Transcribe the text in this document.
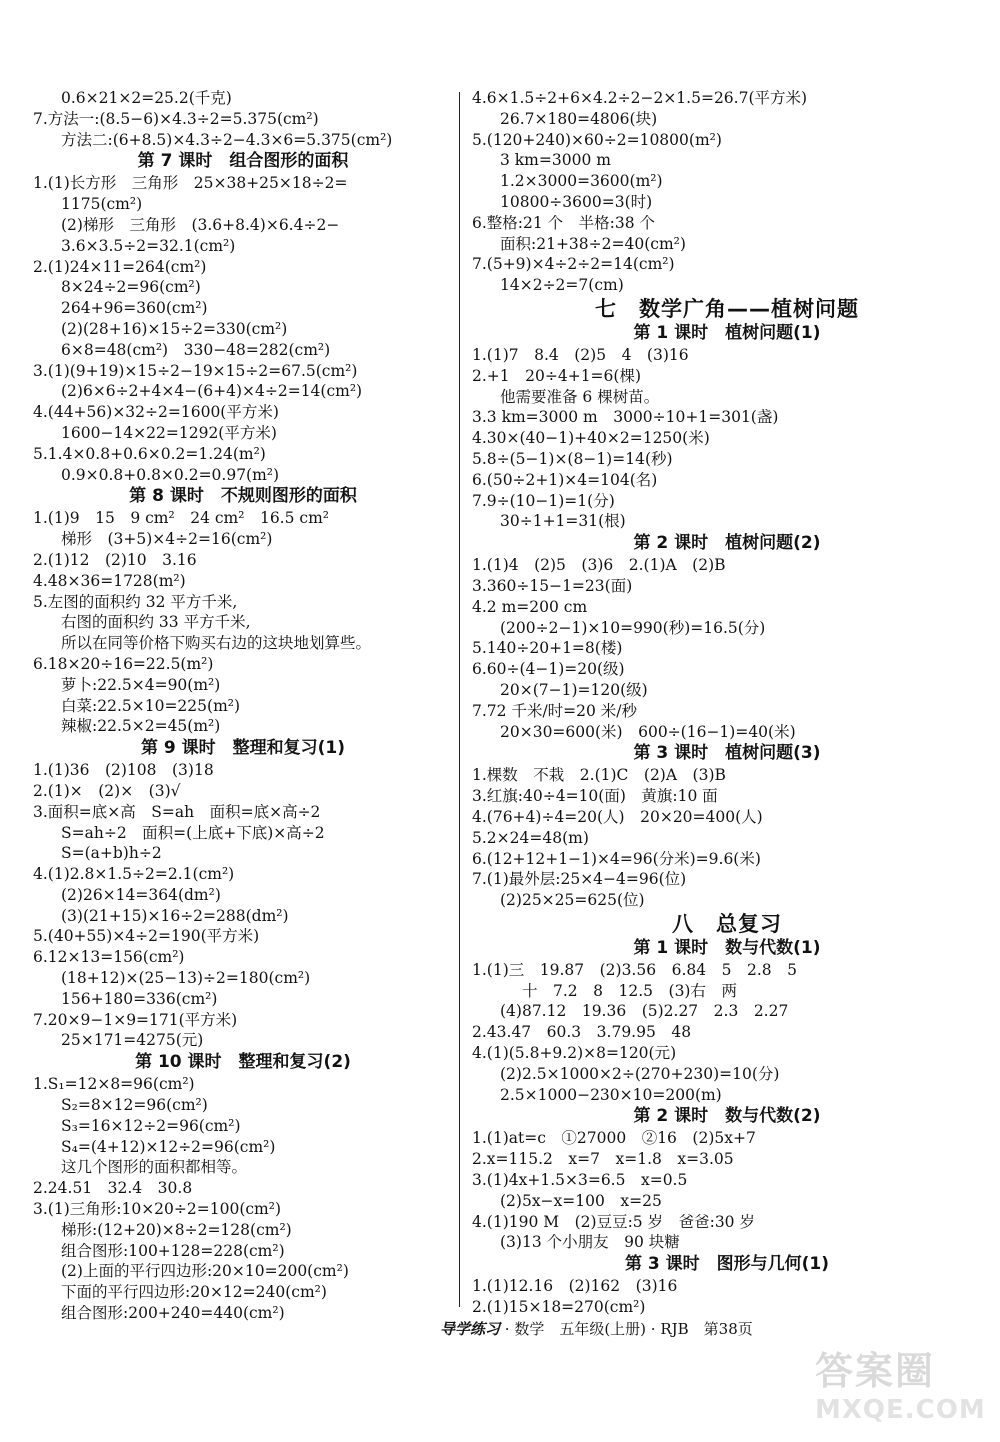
0.6×21×2=25.2(千克)
7.方法一:(8.5−6)×4.3÷2=5.375(cm²)
方法二:(6+8.5)×4.3÷2−4.3×6=5.375(cm²)
第 7 课时　组合图形的面积
1.(1)长方形　三角形　25×38+25×18÷2=
1175(cm²)
(2)梯形　三角形　(3.6+8.4)×6.4÷2−
3.6×3.5÷2=32.1(cm²)
2.(1)24×11=264(cm²)
8×24÷2=96(cm²)
264+96=360(cm²)
(2)(28+16)×15÷2=330(cm²)
6×8=48(cm²)　330−48=282(cm²)
3.(1)(9+19)×15÷2−19×15÷2=67.5(cm²)
(2)6×6÷2+4×4−(6+4)×4÷2=14(cm²)
4.(44+56)×32÷2=1600(平方米)
1600−14×22=1292(平方米)
5.1.4×0.8+0.6×0.2=1.24(m²)
0.9×0.8+0.8×0.2=0.97(m²)
第 8 课时　不规则图形的面积
1.(1)9　15　9 cm²　24 cm²　16.5 cm²
梯形　(3+5)×4÷2=16(cm²)
2.(1)12　(2)10　3.16
4.48×36=1728(m²)
5.左图的面积约 32 平方千米,
右图的面积约 33 平方千米,
所以在同等价格下购买右边的这块地划算些。
6.18×20÷16=22.5(m²)
萝卜:22.5×4=90(m²)
白菜:22.5×10=225(m²)
辣椒:22.5×2=45(m²)
第 9 课时　整理和复习(1)
1.(1)36　(2)108　(3)18
2.(1)×　(2)×　(3)√
3.面积=底×高　S=ah　面积=底×高÷2
S=ah÷2　面积=(上底+下底)×高÷2
S=(a+b)h÷2
4.(1)2.8×1.5÷2=2.1(cm²)
(2)26×14=364(dm²)
(3)(21+15)×16÷2=288(dm²)
5.(40+55)×4÷2=190(平方米)
6.12×13=156(cm²)
(18+12)×(25−13)÷2=180(cm²)
156+180=336(cm²)
7.20×9−1×9=171(平方米)
25×171=4275(元)
第 10 课时　整理和复习(2)
1.S₁=12×8=96(cm²)
S₂=8×12=96(cm²)
S₃=16×12÷2=96(cm²)
S₄=(4+12)×12÷2=96(cm²)
这几个图形的面积都相等。
2.24.51　32.4　30.8
3.(1)三角形:10×20÷2=100(cm²)
梯形:(12+20)×8÷2=128(cm²)
组合图形:100+128=228(cm²)
(2)上面的平行四边形:20×10=200(cm²)
下面的平行四边形:20×12=240(cm²)
组合图形:200+240=440(cm²)
4.6×1.5÷2+6×4.2÷2−2×1.5=26.7(平方米)
26.7×180=4806(块)
5.(120+240)×60÷2=10800(m²)
3 km=3000 m
1.2×3000=3600(m²)
10800÷3600=3(时)
6.整格:21 个　半格:38 个
面积:21+38÷2=40(cm²)
7.(5+9)×4÷2÷2=14(cm²)
14×2÷2=7(cm)
七　数学广角——植树问题
第 1 课时　植树问题(1)
1.(1)7　8.4　(2)5　4　(3)16
2.+1　20÷4+1=6(棵)
他需要准备 6 棵树苗。
3.3 km=3000 m　3000÷10+1=301(盏)
4.30×(40−1)+40×2=1250(米)
5.8÷(5−1)×(8−1)=14(秒)
6.(50÷2+1)×4=104(名)
7.9÷(10−1)=1(分)
30÷1+1=31(根)
第 2 课时　植树问题(2)
1.(1)4　(2)5　(3)6　2.(1)A　(2)B
3.360÷15−1=23(面)
4.2 m=200 cm
(200÷2−1)×10=990(秒)=16.5(分)
5.140÷20+1=8(楼)
6.60÷(4−1)=20(级)
20×(7−1)=120(级)
7.72 千米/时=20 米/秒
20×30=600(米)　600÷(16−1)=40(米)
第 3 课时　植树问题(3)
1.棵数　不栽　2.(1)C　(2)A　(3)B
3.红旗:40÷4=10(面)　黄旗:10 面
4.(76+4)÷4=20(人)　20×20=400(人)
5.2×24=48(m)
6.(12+12+1−1)×4=96(分米)=9.6(米)
7.(1)最外层:25×4−4=96(位)
(2)25×25=625(位)
八　总复习
第 1 课时　数与代数(1)
1.(1)三　19.87　(2)3.56　6.84　5　2.8　5
十　7.2　8　12.5　(3)右　两
(4)87.12　19.36　(5)2.27　2.3　2.27
2.43.47　60.3　3.79.95　48
4.(1)(5.8+9.2)×8=120(元)
(2)2.5×1000×2÷(270+230)=10(分)
2.5×1000−230×10=200(m)
第 2 课时　数与代数(2)
1.(1)at=c　①27000　②16　(2)5x+7
2.x=115.2　x=7　x=1.8　x=3.05
3.(1)4x+1.5×3=6.5　x=0.5
(2)5x−x=100　x=25
4.(1)190 M　(2)豆豆:5 岁　爸爸:30 岁
(3)13 个小朋友　90 块糖
第 3 课时　图形与几何(1)
1.(1)12.16　(2)162　(3)16
2.(1)15×18=270(cm²)
导学练习 · 数学　五年级(上册) · RJB　第38页
答案圈
MXQE.COM
